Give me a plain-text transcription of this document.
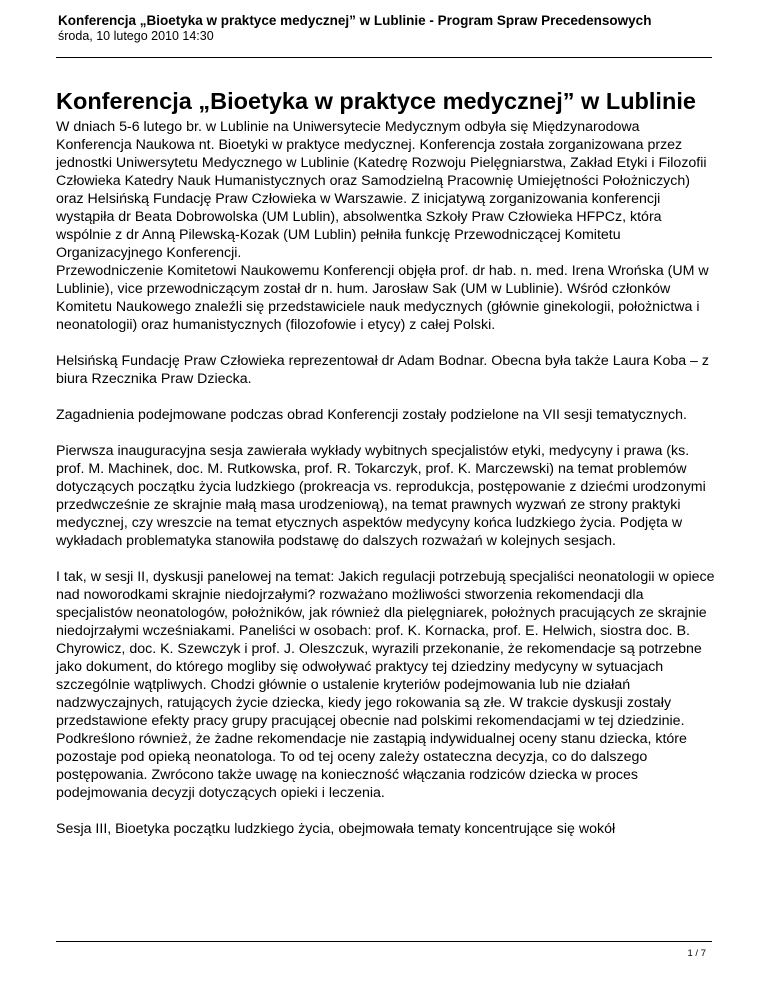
Konferencja „Bioetyka w praktyce medycznej” w Lublinie - Program Spraw Precedensowych
środa, 10 lutego 2010 14:30
Konferencja „Bioetyka w praktyce medycznej” w Lublinie

W dniach 5-6 lutego br. w Lublinie na Uniwersytecie Medycznym odbyła się Międzynarodowa Konferencja Naukowa nt. Bioetyki w praktyce medycznej. Konferencja została zorganizowana przez jednostki Uniwersytetu Medycznego w Lublinie (Katedrę Rozwoju Pielęgniarstwa, Zakład Etyki i Filozofii Człowieka Katedry Nauk Humanistycznych oraz Samodzielną Pracownię Umiejętności Położniczych) oraz Helsińską Fundację Praw Człowieka w Warszawie. Z inicjatywą zorganizowania konferencji wystąpiła dr Beata Dobrowolska (UM Lublin), absolwentka Szkoły Praw Człowieka HFPCz, która wspólnie z dr Anną Pilewską-Kozak (UM Lublin) pełniła funkcję Przewodniczącej Komitetu Organizacyjnego Konferencji.

Przewodniczenie Komitetowi Naukowemu Konferencji objęła prof. dr hab. n. med. Irena Wrońska (UM w Lublinie), vice przewodniczącym został dr n. hum. Jarosław Sak (UM w Lublinie). Wśród członków Komitetu Naukowego znaleźli się przedstawiciele nauk medycznych (głównie ginekologii, położnictwa i neonatologii) oraz humanistycznych (filozofowie i etycy) z całej Polski.

Helsińską Fundację Praw Człowieka reprezentował dr Adam Bodnar. Obecna była także Laura Koba – z biura Rzecznika Praw Dziecka.

Zagadnienia podejmowane podczas obrad Konferencji zostały podzielone na VII sesji tematycznych.

Pierwsza inauguracyjna sesja zawierała wykłady wybitnych specjalistów etyki, medycyny i prawa (ks. prof. M. Machinek, doc. M. Rutkowska, prof. R. Tokarczyk, prof. K. Marczewski) na temat problemów dotyczących początku życia ludzkiego (prokreacja vs. reprodukcja, postępowanie z dziećmi urodzonymi przedwcześnie ze skrajnie małą masa urodzeniową), na temat prawnych wyzwań ze strony praktyki medycznej, czy wreszcie na temat etycznych aspektów medycyny końca ludzkiego życia. Podjęta w wykładach problematyka stanowiła podstawę do dalszych rozważań w kolejnych sesjach.

I tak, w sesji II, dyskusji panelowej na temat: Jakich regulacji potrzebują specjaliści neonatologii w opiece nad noworodkami skrajnie niedojrzałymi? rozważano możliwości stworzenia rekomendacji dla specjalistów neonatologów, położników, jak również dla pielęgniarek, położnych pracujących ze skrajnie niedojrzałymi wcześniakami. Paneliści w osobach: prof. K. Kornacka, prof. E. Helwich, siostra doc. B. Chyrowicz, doc. K. Szewczyk i prof. J. Oleszczuk, wyrazili przekonanie, że rekomendacje są potrzebne jako dokument, do którego mogliby się odwoływać praktycy tej dziedziny medycyny w sytuacjach szczególnie wątpliwych. Chodzi głównie o ustalenie kryteriów podejmowania lub nie działań nadzwyczajnych, ratujących życie dziecka, kiedy jego rokowania są złe. W trakcie dyskusji zostały przedstawione efekty pracy grupy pracującej obecnie nad polskimi rekomendacjami w tej dziedzinie. Podkreślono również, że żadne rekomendacje nie zastąpią indywidualnej oceny stanu dziecka, które pozostaje pod opieką neonatologa. To od tej oceny zależy ostateczna decyzja, co do dalszego postępowania. Zwrócono także uwagę na konieczność włączania rodziców dziecka w proces podejmowania decyzji dotyczących opieki i leczenia.

Sesja III, Bioetyka początku ludzkiego życia, obejmowała tematy koncentrujące się wokół

1 / 7
